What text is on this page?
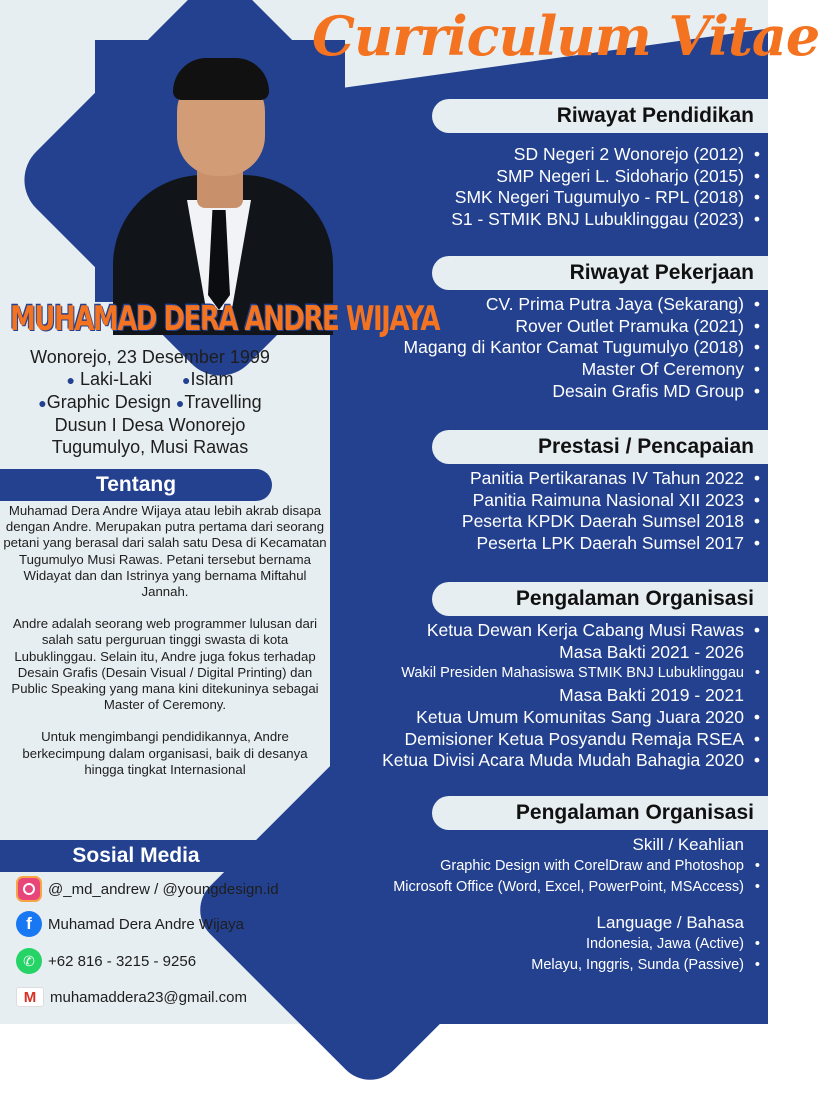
Curriculum Vitae
MUHAMAD DERA ANDRE WIJAYA
Wonorejo, 23 Desember 1999
● Laki-Laki ●Islam
●Graphic Design ●Travelling
Dusun I Desa Wonorejo
Tugumulyo, Musi Rawas
Tentang

Muhamad Dera Andre Wijaya atau lebih akrab disapa dengan Andre. Merupakan putra pertama dari seorang petani yang berasal dari salah satu Desa di Kecamatan Tugumulyo Musi Rawas. Petani tersebut bernama Widayat dan dan Istrinya yang bernama Miftahul Jannah.

Andre adalah seorang web programmer lulusan dari salah satu perguruan tinggi swasta di kota Lubuklinggau. Selain itu, Andre juga fokus terhadap Desain Grafis (Desain Visual / Digital Printing) dan Public Speaking yang mana kini ditekuninya sebagai Master of Ceremony.

Untuk mengimbangi pendidikannya, Andre berkecimpung dalam organisasi, baik di desanya hingga tingkat Internasional

Sosial Media
@_md_andrew / @youngdesign.id
f	Muhamad Dera Andre Wijaya
✆ +62 816 - 3215 - 9256
M muhamaddera23@gmail.com
Riwayat Pendidikan
SD Negeri 2 Wonorejo (2012) •
SMP Negeri L. Sidoharjo (2015) •
SMK Negeri Tugumulyo - RPL (2018) •
S1 - STMIK BNJ Lubuklinggau (2023) •
Riwayat Pekerjaan
CV. Prima Putra Jaya (Sekarang) •
Rover Outlet Pramuka (2021) •
Magang di Kantor Camat Tugumulyo (2018) •
Master Of Ceremony •
Desain Grafis MD Group •
Prestasi / Pencapaian
Panitia Pertikaranas IV Tahun 2022 •
Panitia Raimuna Nasional XII 2023 •
Peserta KPDK Daerah Sumsel 2018 •
Peserta LPK Daerah Sumsel 2017 •
Pengalaman Organisasi
Ketua Dewan Kerja Cabang Musi Rawas •
Masa Bakti 2021 - 2026
Wakil Presiden Mahasiswa STMIK BNJ Lubuklinggau •
Masa Bakti 2019 - 2021
Ketua Umum Komunitas Sang Juara 2020 •
Demisioner Ketua Posyandu Remaja RSEA •
Ketua Divisi Acara Muda Mudah Bahagia 2020 •
Pengalaman Organisasi
Skill / Keahlian
Graphic Design with CorelDraw and Photoshop •
Microsoft Office (Word, Excel, PowerPoint, MSAccess) •
Language / Bahasa
Indonesia, Jawa (Active) •
Melayu, Inggris, Sunda (Passive) •
